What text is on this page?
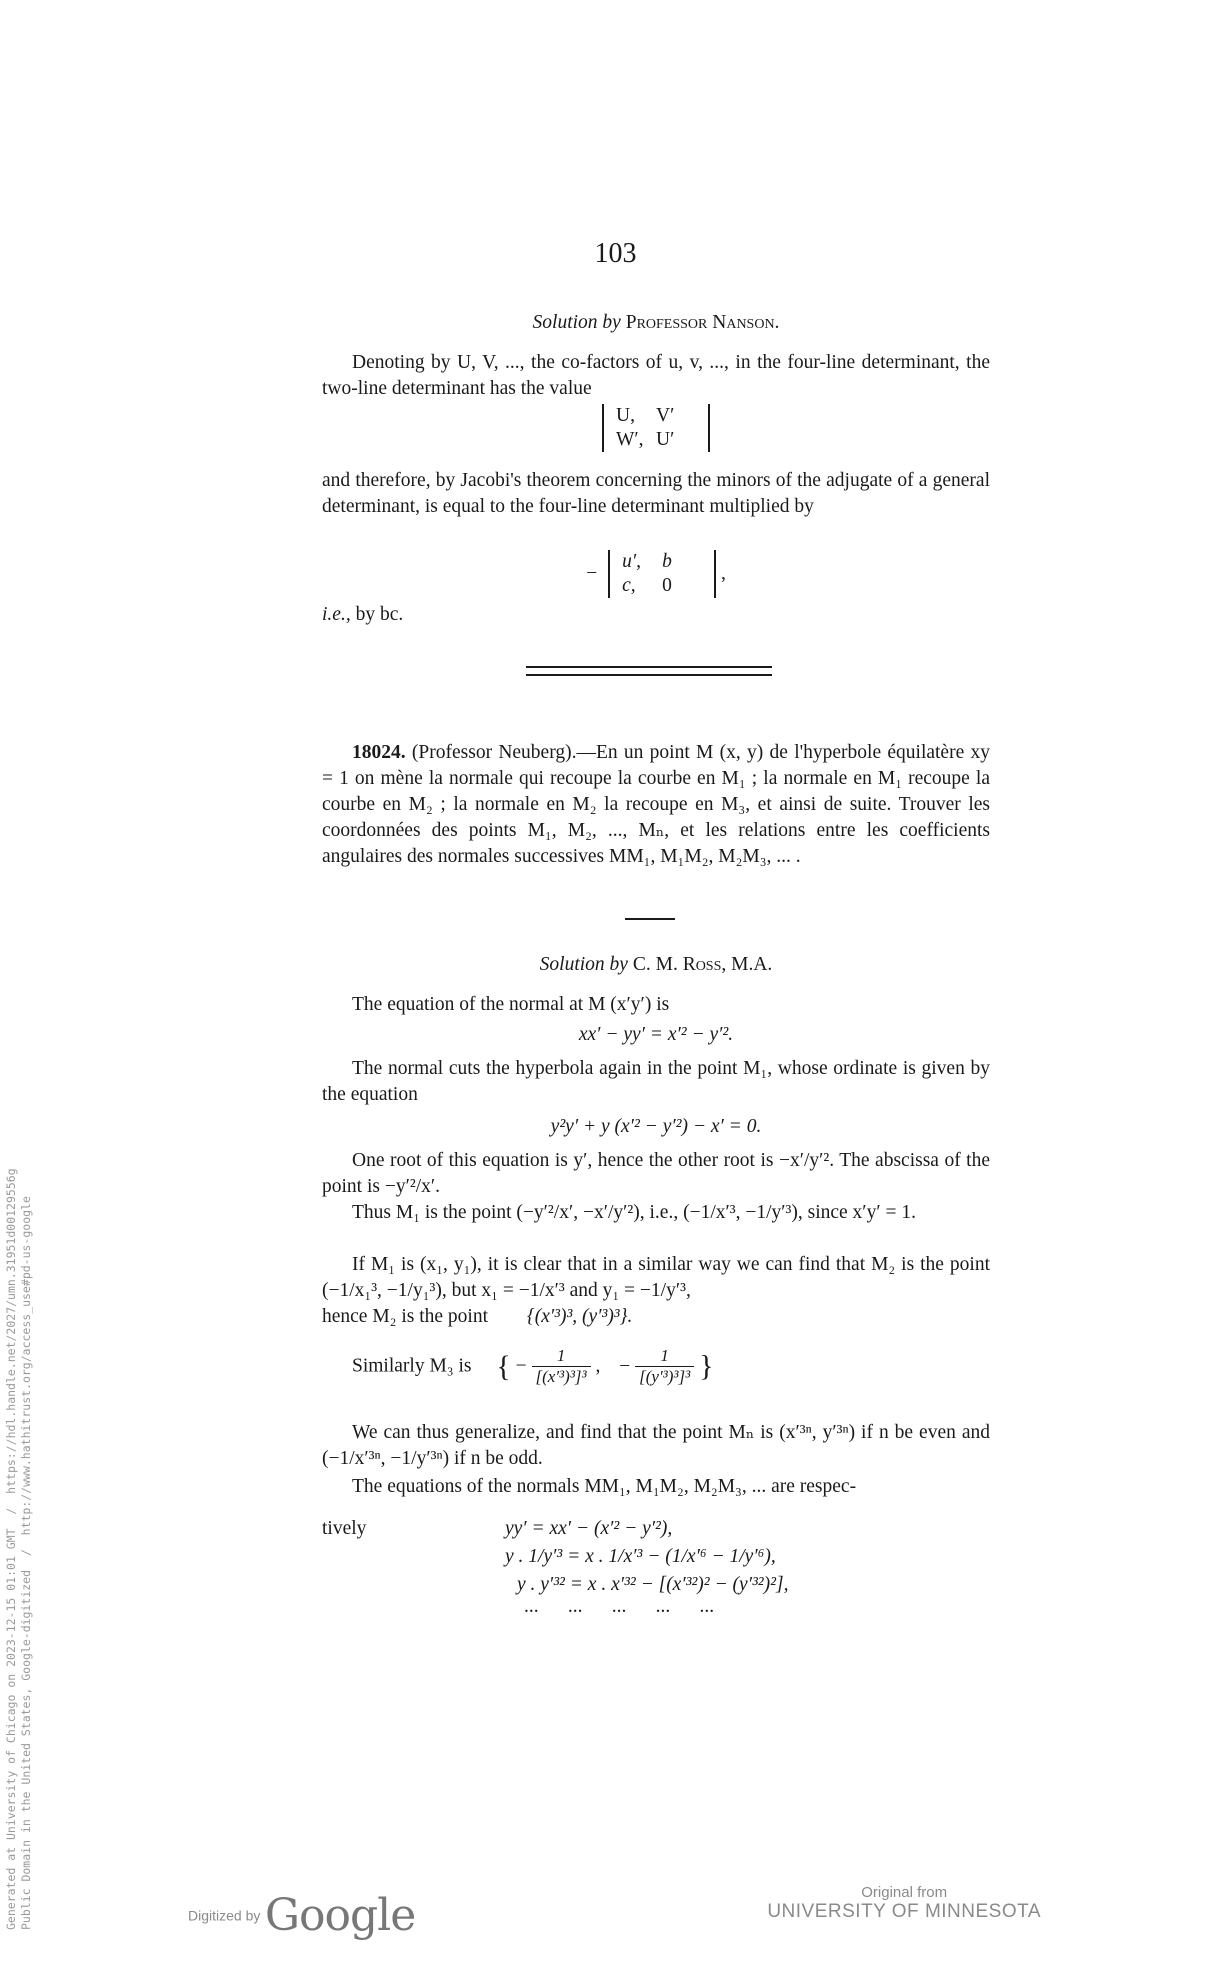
103
Solution by Professor Nanson.
Denoting by U, V, ..., the co-factors of u, v, ..., in the four-line determinant, the two-line determinant has the value
U, V′
W′, U′
and therefore, by Jacobi's theorem concerning the minors of the adjugate of a general determinant, is equal to the four-line determinant multiplied by
− u′, b
c, 0 ,
i.e., by bc.
18024. (Professor Neuberg).—En un point M (x, y) de l'hyperbole équilatère xy = 1 on mène la normale qui recoupe la courbe en M₁ ; la normale en M₁ recoupe la courbe en M₂ ; la normale en M₂ la recoupe en M₃, et ainsi de suite. Trouver les coordonnées des points M₁, M₂, ..., Mₙ, et les relations entre les coefficients angulaires des normales successives MM₁, M₁M₂, M₂M₃, ... .
Solution by C. M. Ross, M.A.
The equation of the normal at M (x′y′) is
xx′ − yy′ = x′² − y′².
The normal cuts the hyperbola again in the point M₁, whose ordinate is given by the equation
y²y′ + y (x′² − y′²) − x′ = 0.
One root of this equation is y′, hence the other root is −x′/y′². The abscissa of the point is −y′²/x′.
Thus M₁ is the point (−y′²/x′, −x′/y′²), i.e., (−1/x′³, −1/y′³), since x′y′ = 1.
If M₁ is (x₁, y₁), it is clear that in a similar way we can find that M₂ is the point (−1/x₁³, −1/y₁³), but x₁ = −1/x′³ and y₁ = −1/y′³,
hence M₂ is the point {(x′³)³, (y′³)³}.
Similarly M₃ is { − $\frac{1}{\text{[(x′³)³]³}}$ , − $\frac{1}{\text{[(y′³)³]³}}$ }
We can thus generalize, and find that the point Mₙ is (x′³ⁿ, y′³ⁿ) if n be even and (−1/x′³ⁿ, −1/y′³ⁿ) if n be odd.
The equations of the normals MM₁, M₁M₂, M₂M₃, ... are respec-
tively	yy′ = xx′ − (x′² − y′²),
y . 1/y′³ = x . 1/x′³ − (1/x′⁶ − 1/y′⁶),
y . y′³² = x . x′³² − [(x′³²)² − (y′³²)²],
...      ...      ...      ...      ...
Generated at University of Chicago on 2023-12-15 01:01 GMT  /  https://hdl.handle.net/2027/umn.31951d00129556g
Public Domain in the United States, Google-digitized  /  http://www.hathitrust.org/access_use#pd-us-google	Digitized by Google	Original from
UNIVERSITY OF MINNESOTA
